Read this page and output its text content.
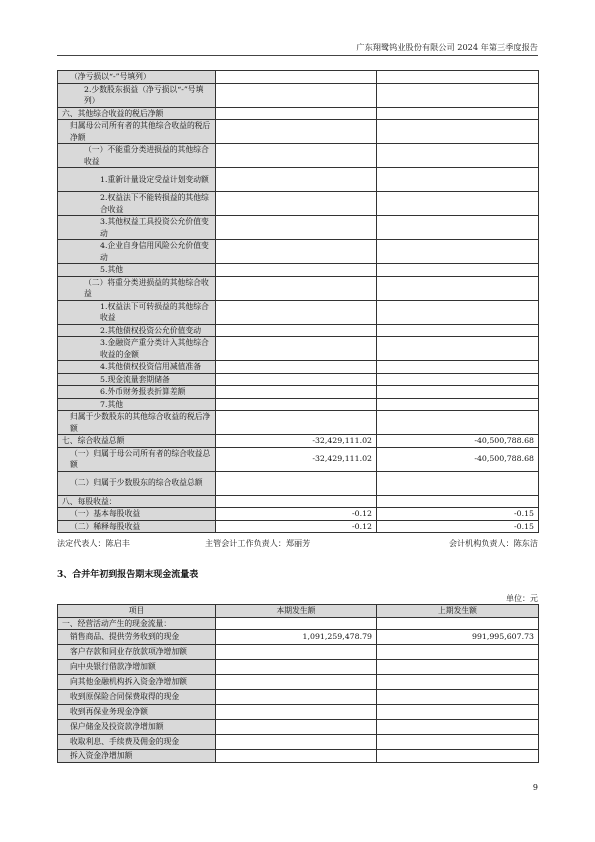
广东翔鹭钨业股份有限公司 2024 年第三季度报告
（净亏损以“-”号填列）		
2.少数股东损益（净亏损以“-”号填列）		
六、其他综合收益的税后净额		
归属母公司所有者的其他综合收益的税后净额		
（一）不能重分类进损益的其他综合收益		
1.重新计量设定受益计划变动额		
2.权益法下不能转损益的其他综合收益		
3.其他权益工具投资公允价值变动		
4.企业自身信用风险公允价值变动		
5.其他		
（二）将重分类进损益的其他综合收益		
1.权益法下可转损益的其他综合收益		
2.其他债权投资公允价值变动		
3.金融资产重分类计入其他综合收益的金额		
4.其他债权投资信用减值准备		
5.现金流量套期储备		
6.外币财务报表折算差额		
7.其他		
归属于少数股东的其他综合收益的税后净额		
七、综合收益总额	-32,429,111.02	-40,500,788.68
（一）归属于母公司所有者的综合收益总额	-32,429,111.02	-40,500,788.68
（二）归属于少数股东的综合收益总额		
八、每股收益：		
（一）基本每股收益	-0.12	-0.15
（二）稀释每股收益	-0.12	-0.15
法定代表人：陈启丰	主管会计工作负责人：郑丽芳	会计机构负责人：陈东洁
3、合并年初到报告期末现金流量表
单位：元
项目	本期发生额	上期发生额
一、经营活动产生的现金流量：		
销售商品、提供劳务收到的现金	1,091,259,478.79	991,995,607.73
客户存款和同业存放款项净增加额		
向中央银行借款净增加额		
向其他金融机构拆入资金净增加额		
收到原保险合同保费取得的现金		
收到再保业务现金净额		
保户储金及投资款净增加额		
收取利息、手续费及佣金的现金		
拆入资金净增加额		
9
